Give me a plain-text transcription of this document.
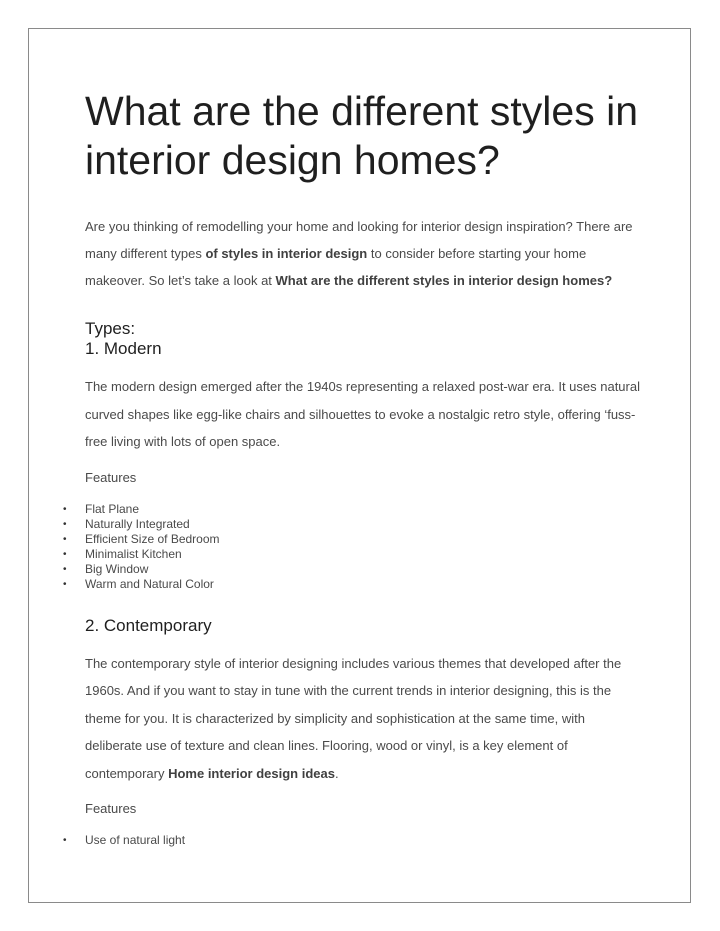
What are the different styles in interior design homes?

Are you thinking of remodelling your home and looking for interior design inspiration? There are many different types of styles in interior design to consider before starting your home makeover. So let’s take a look at What are the different styles in interior design homes?

Types:
1. Modern

The modern design emerged after the 1940s representing a relaxed post-war era. It uses natural curved shapes like egg-like chairs and silhouettes to evoke a nostalgic retro style, offering ‘fuss-free living with lots of open space.

Features
• Flat Plane
• Naturally Integrated
• Efficient Size of Bedroom
• Minimalist Kitchen
• Big Window
• Warm and Natural Color
2. Contemporary

The contemporary style of interior designing includes various themes that developed after the 1960s. And if you want to stay in tune with the current trends in interior designing, this is the theme for you. It is characterized by simplicity and sophistication at the same time, with deliberate use of texture and clean lines. Flooring, wood or vinyl, is a key element of contemporary Home interior design ideas.

Features
• Use of natural light
